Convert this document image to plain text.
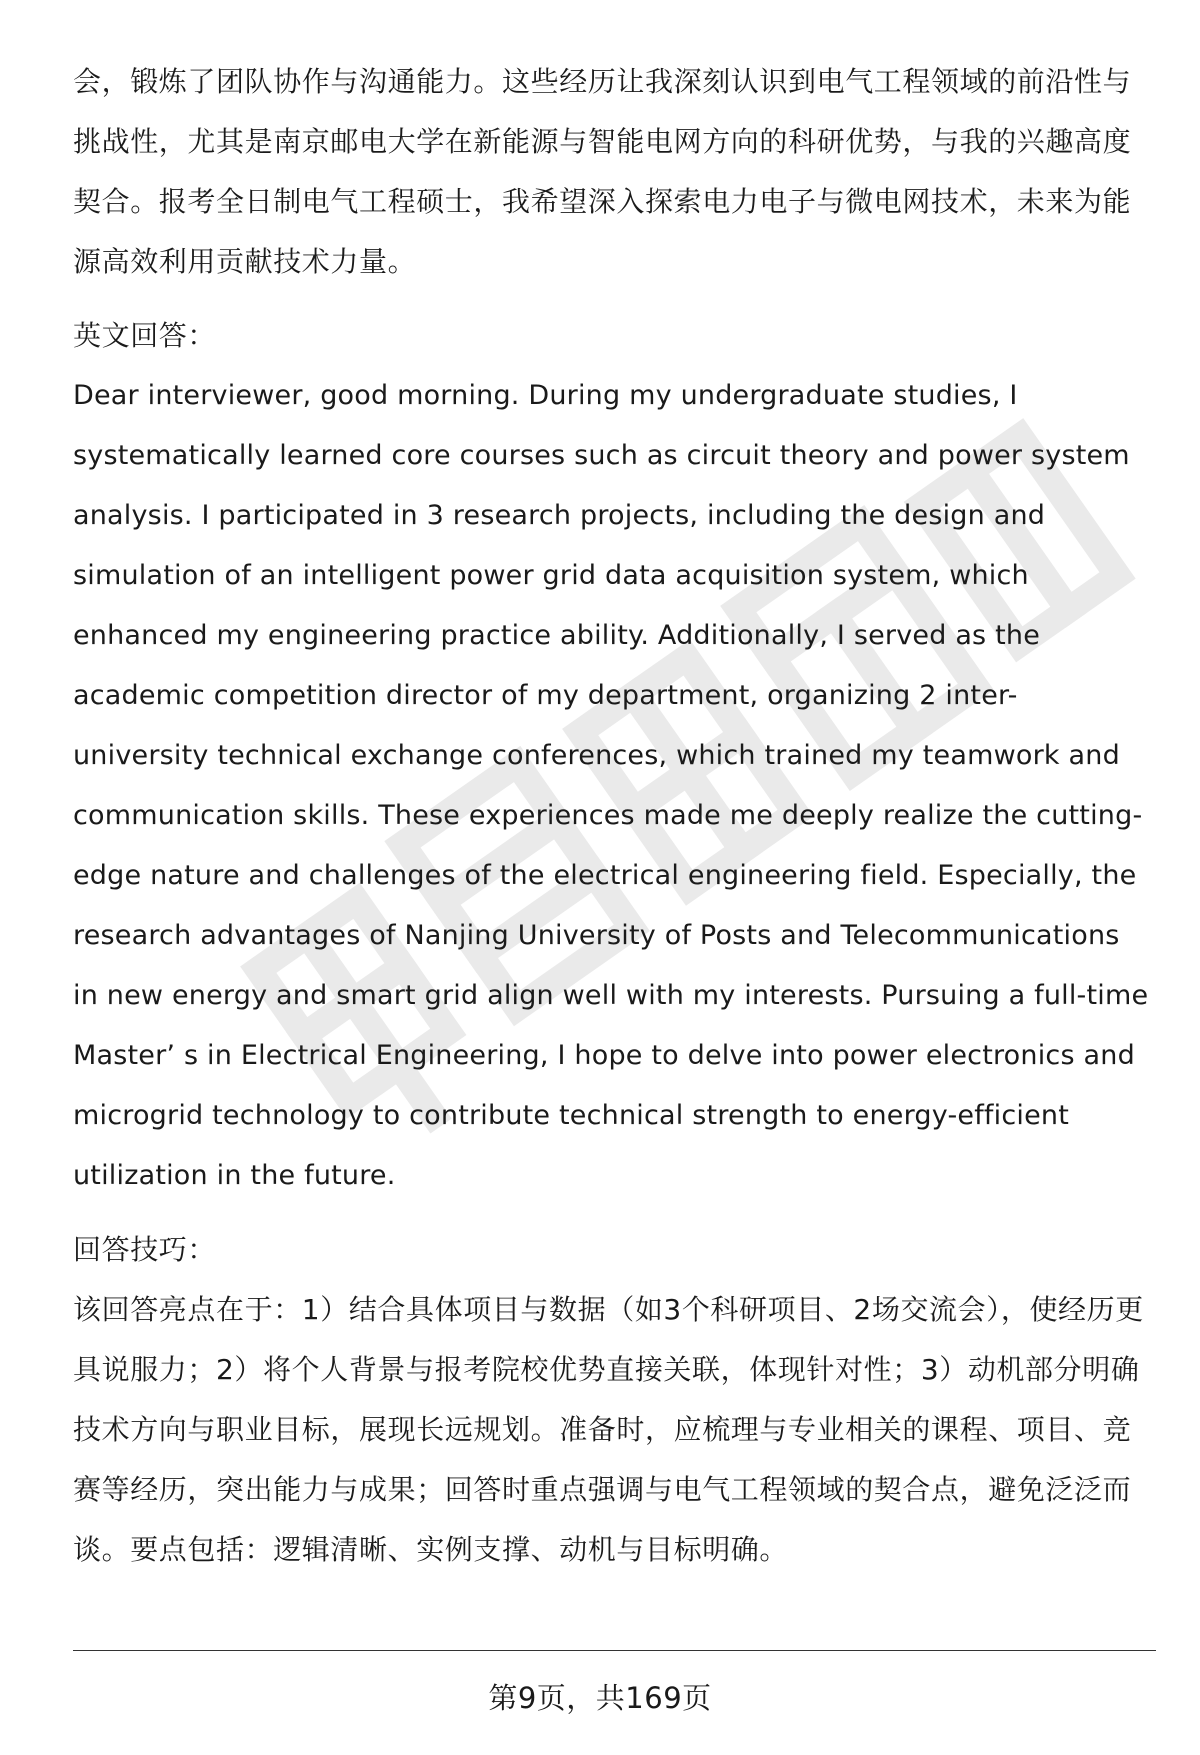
会，锻炼了团队协作与沟通能力。这些经历让我深刻认识到电气工程领域的前沿性与挑战性，尤其是南京邮电大学在新能源与智能电网方向的科研优势，与我的兴趣高度契合。报考全日制电气工程硕士，我希望深入探索电力电子与微电网技术，未来为能源高效利用贡献技术力量。

英文回答：

Dear interviewer, good morning. During my undergraduate studies, I systematically learned core courses such as circuit theory and power system analysis. I participated in 3 research projects, including the design and simulation of an intelligent power grid data acquisition system, which enhanced my engineering practice ability. Additionally, I served as the academic competition director of my department, organizing 2 inter-university technical exchange conferences, which trained my teamwork and communication skills. These experiences made me deeply realize the cutting-edge nature and challenges of the electrical engineering field. Especially, the research advantages of Nanjing University of Posts and Telecommunications in new energy and smart grid align well with my interests. Pursuing a full-time Master’ s in Electrical Engineering, I hope to delve into power electronics and microgrid technology to contribute technical strength to energy-efficient utilization in the future.

回答技巧：

该回答亮点在于：1）结合具体项目与数据（如3个科研项目、2场交流会），使经历更具说服力；2）将个人背景与报考院校优势直接关联，体现针对性；3）动机部分明确技术方向与职业目标，展现长远规划。准备时，应梳理与专业相关的课程、项目、竞赛等经历，突出能力与成果；回答时重点强调与电气工程领域的契合点，避免泛泛而谈。要点包括：逻辑清晰、实例支撑、动机与目标明确。

第9页，共169页
